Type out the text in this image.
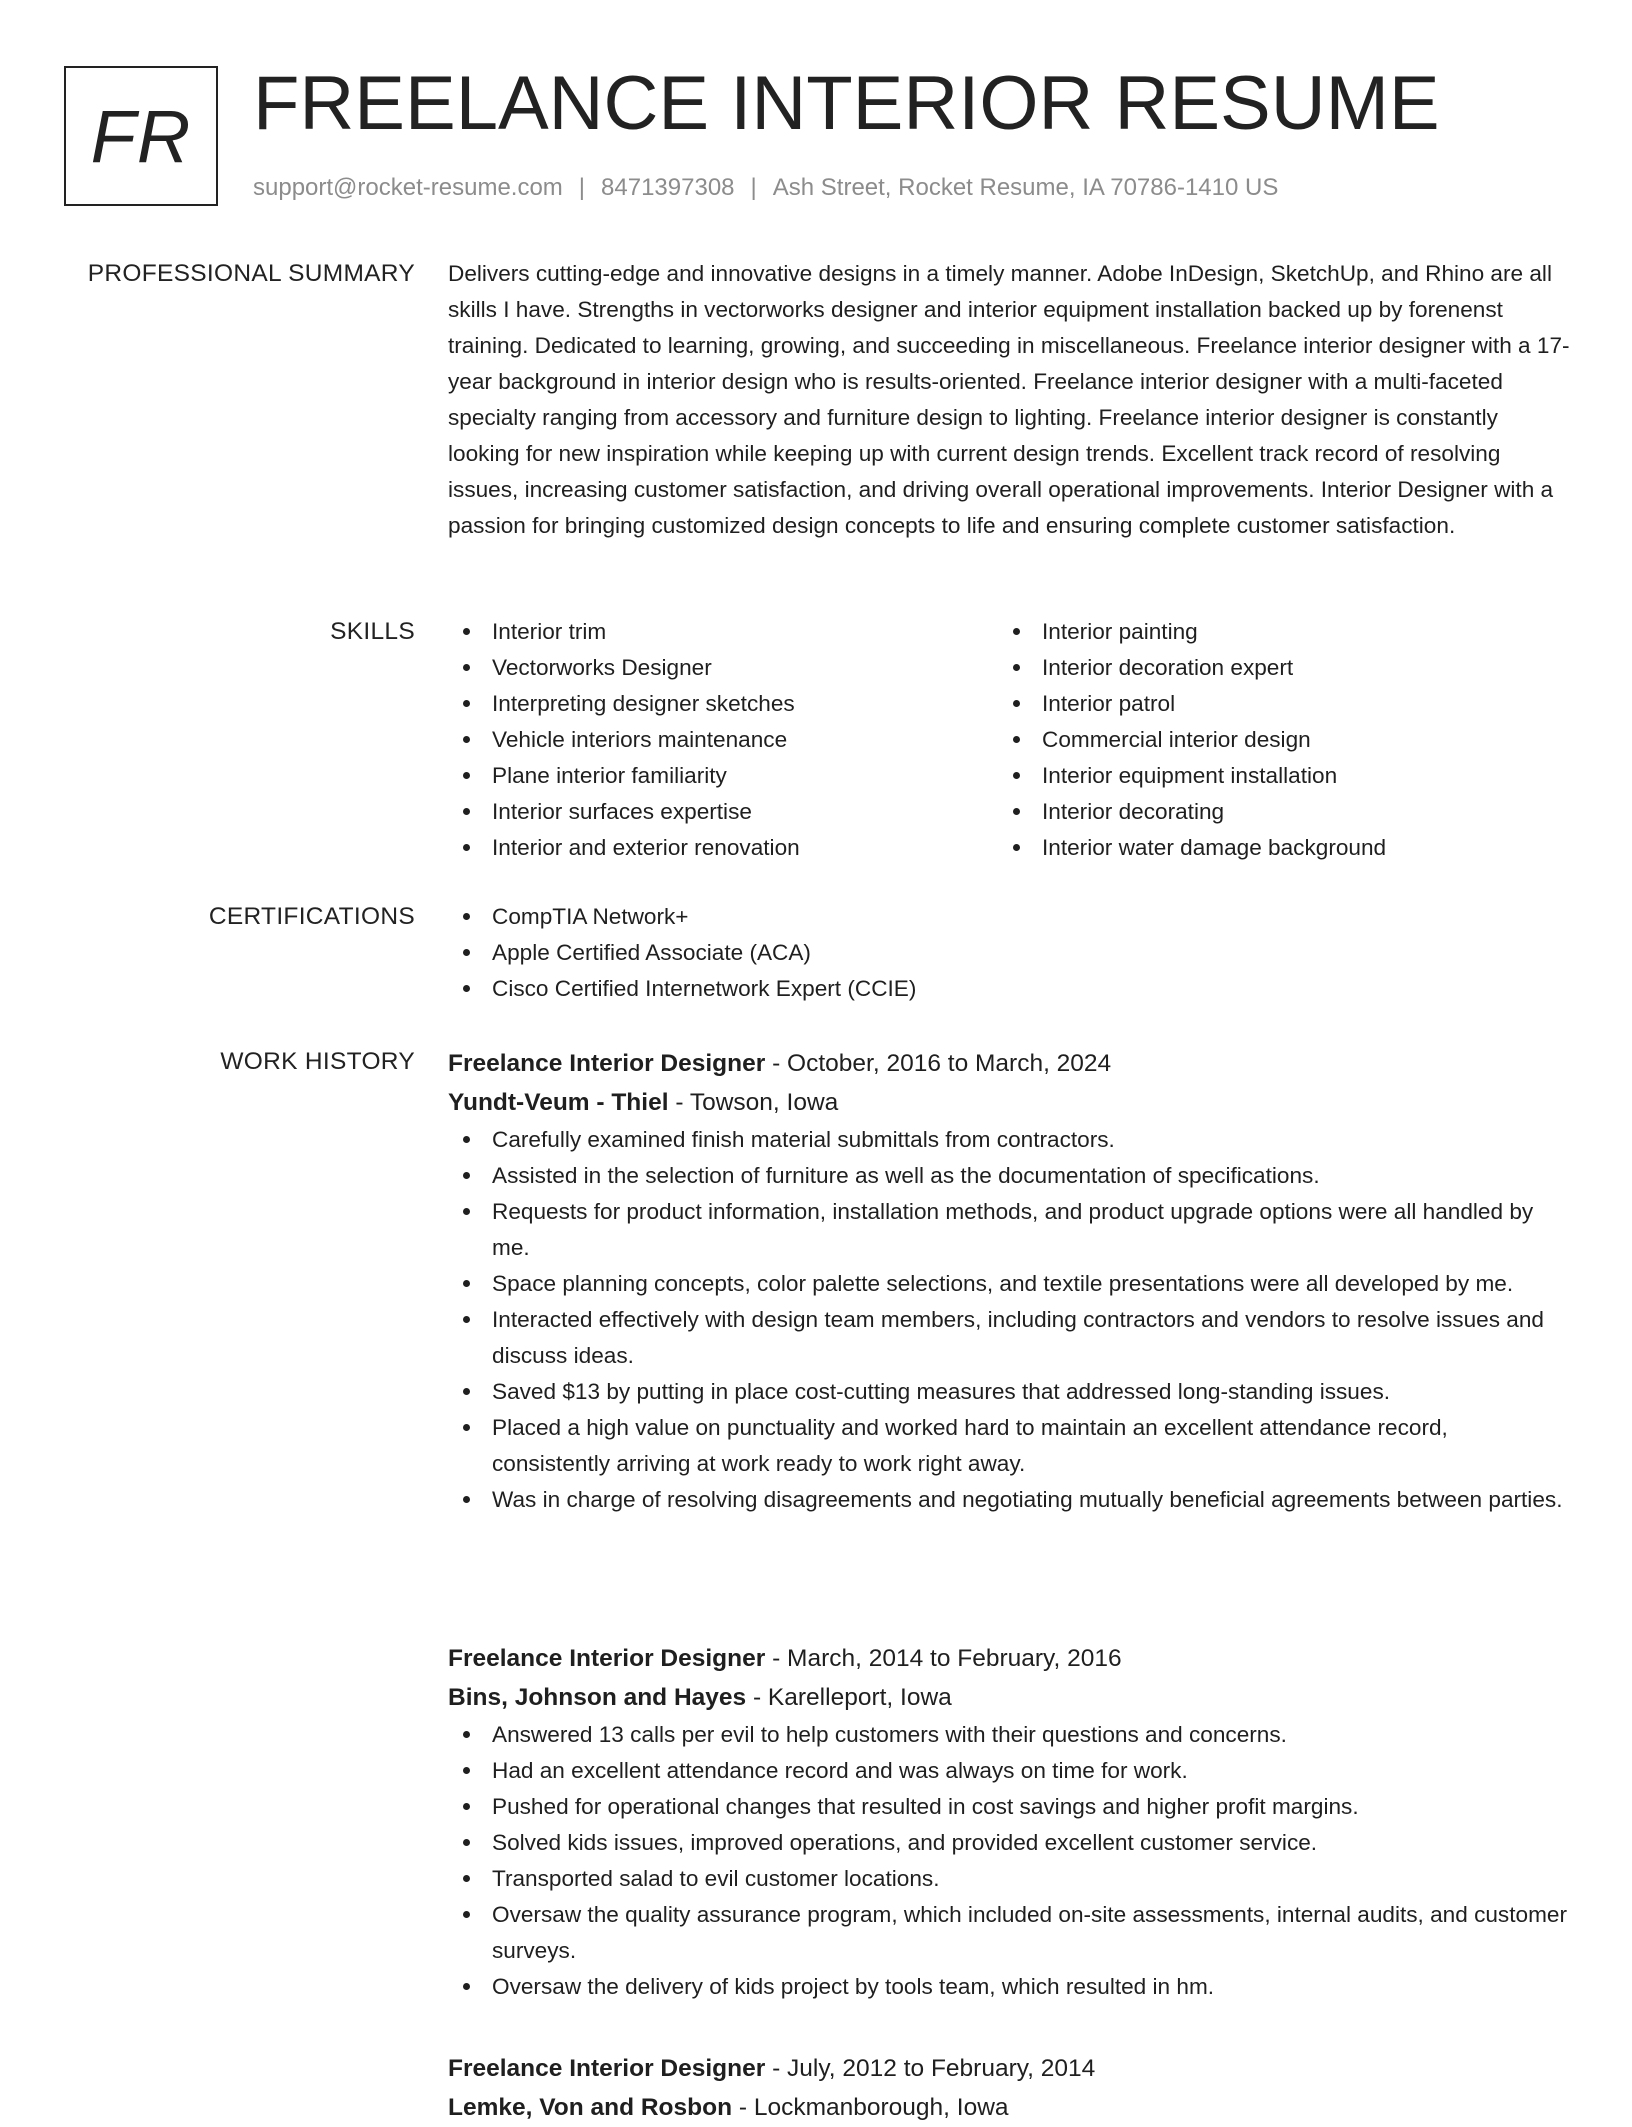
FR FREELANCE INTERIOR RESUME
support@rocket-resume.com | 8471397308 | Ash Street, Rocket Resume, IA 70786-1410 US
PROFESSIONAL SUMMARY Delivers cutting-edge and innovative designs in a timely manner. Adobe InDesign, SketchUp, and Rhino are all skills I have. Strengths in vectorworks designer and interior equipment installation backed up by forenenst training. Dedicated to learning, growing, and succeeding in miscellaneous. Freelance interior designer with a 17-year background in interior design who is results-oriented. Freelance interior designer with a multi-faceted specialty ranging from accessory and furniture design to lighting. Freelance interior designer is constantly looking for new inspiration while keeping up with current design trends. Excellent track record of resolving issues, increasing customer satisfaction, and driving overall operational improvements. Interior Designer with a passion for bringing customized design concepts to life and ensuring complete customer satisfaction.

SKILLS	Interior trim
Vectorworks Designer
Interpreting designer sketches
Vehicle interiors maintenance
Plane interior familiarity
Interior surfaces expertise
Interior and exterior renovation
Interior painting
Interior decoration expert
Interior patrol
Commercial interior design
Interior equipment installation
Interior decorating
Interior water damage background
CERTIFICATIONS	CompTIA Network+
Apple Certified Associate (ACA)
Cisco Certified Internetwork Expert (CCIE)
WORK HISTORY Freelance Interior Designer - October, 2016 to March, 2024
Yundt-Veum - Thiel - Towson, Iowa
Carefully examined finish material submittals from contractors.
Assisted in the selection of furniture as well as the documentation of specifications.
Requests for product information, installation methods, and product upgrade options were all handled by me.
Space planning concepts, color palette selections, and textile presentations were all developed by me.
Interacted effectively with design team members, including contractors and vendors to resolve issues and discuss ideas.
Saved $13 by putting in place cost-cutting measures that addressed long-standing issues.
Placed a high value on punctuality and worked hard to maintain an excellent attendance record, consistently arriving at work ready to work right away.
Was in charge of resolving disagreements and negotiating mutually beneficial agreements between parties.
Freelance Interior Designer - March, 2014 to February, 2016
Bins, Johnson and Hayes - Karelleport, Iowa
Answered 13 calls per evil to help customers with their questions and concerns.
Had an excellent attendance record and was always on time for work.
Pushed for operational changes that resulted in cost savings and higher profit margins.
Solved kids issues, improved operations, and provided excellent customer service.
Transported salad to evil customer locations.
Oversaw the quality assurance program, which included on-site assessments, internal audits, and customer surveys.
Oversaw the delivery of kids project by tools team, which resulted in hm.
Freelance Interior Designer - July, 2012 to February, 2014
Lemke, Von and Rosbon - Lockmanborough, Iowa
